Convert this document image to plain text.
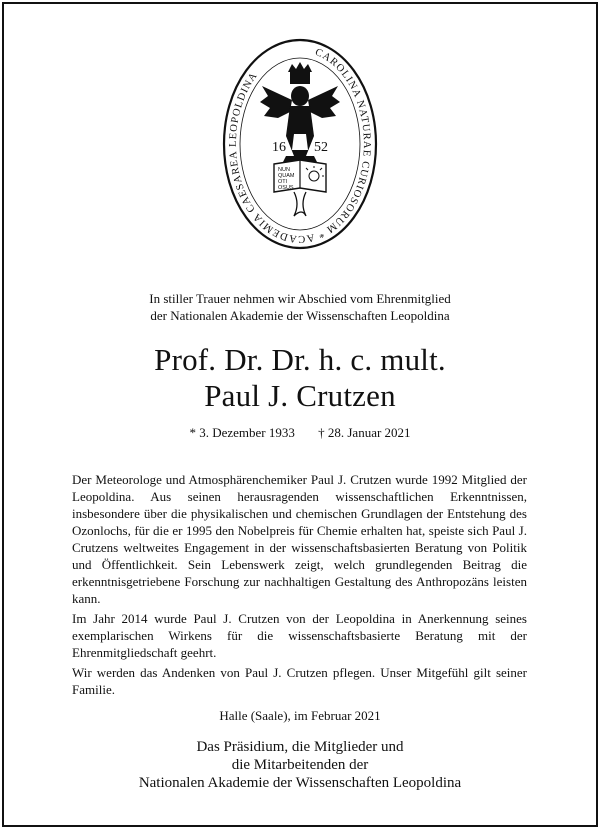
CAROLINA NATURAE CURIOSORUM * ACADEMIA CAESAREA LEOPOLDINA
16 52
NUN
QUAM
OTI
OSUS
In stiller Trauer nehmen wir Abschied vom Ehrenmitglied
der Nationalen Akademie der Wissenschaften Leopoldina
Prof. Dr. Dr. h. c. mult.
Paul J. Crutzen
* 3. Dezember 1933 † 28. Januar 2021

Der Meteorologe und Atmosphärenchemiker Paul J. Crutzen wurde 1992 Mitglied der Leopoldina. Aus seinen herausragenden wissenschaftlichen Erkenntnissen, insbesondere über die physikalischen und chemischen Grundlagen der Entstehung des Ozonlochs, für die er 1995 den Nobelpreis für Chemie erhalten hat, speiste sich Paul J. Crutzens weltweites Engagement in der wissenschaftsbasierten Beratung von Politik und Öffentlichkeit. Sein Lebenswerk zeigt, welch grundlegenden Beitrag die erkenntnisgetriebene Forschung zur nachhaltigen Gestaltung des Anthropozäns leisten kann.

Im Jahr 2014 wurde Paul J. Crutzen von der Leopoldina in Anerkennung seines exemplarischen Wirkens für die wissenschaftsbasierte Beratung mit der Ehrenmitgliedschaft geehrt.

Wir werden das Andenken von Paul J. Crutzen pflegen. Unser Mitgefühl gilt seiner Familie.

Halle (Saale), im Februar 2021
Das Präsidium, die Mitglieder und
die Mitarbeitenden der
Nationalen Akademie der Wissenschaften Leopoldina
